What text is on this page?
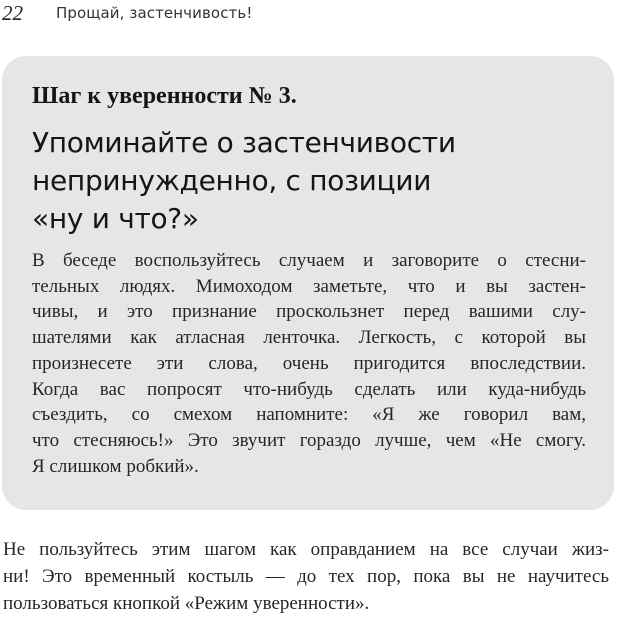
22	Прощай, застенчивость!
Шаг к уверенности № 3.
Упоминайте о застенчивости
непринужденно, с позиции
«ну и что?»
В беседе воспользуйтесь случаем и заговорите о стесни-
тельных людях. Мимоходом заметьте, что и вы застен-
чивы, и это признание проскользнет перед вашими слу-
шателями как атласная ленточка. Легкость, с которой вы
произнесете эти слова, очень пригодится впоследствии.
Когда вас попросят что-нибудь сделать или куда-нибудь
съездить, со смехом напомните: «Я же говорил вам,
что стесняюсь!» Это звучит гораздо лучше, чем «Не смогу.
Я слишком робкий».
Не пользуйтесь этим шагом как оправданием на все случаи жиз-
ни! Это временный костыль — до тех пор, пока вы не научитесь
пользоваться кнопкой «Режим уверенности».
